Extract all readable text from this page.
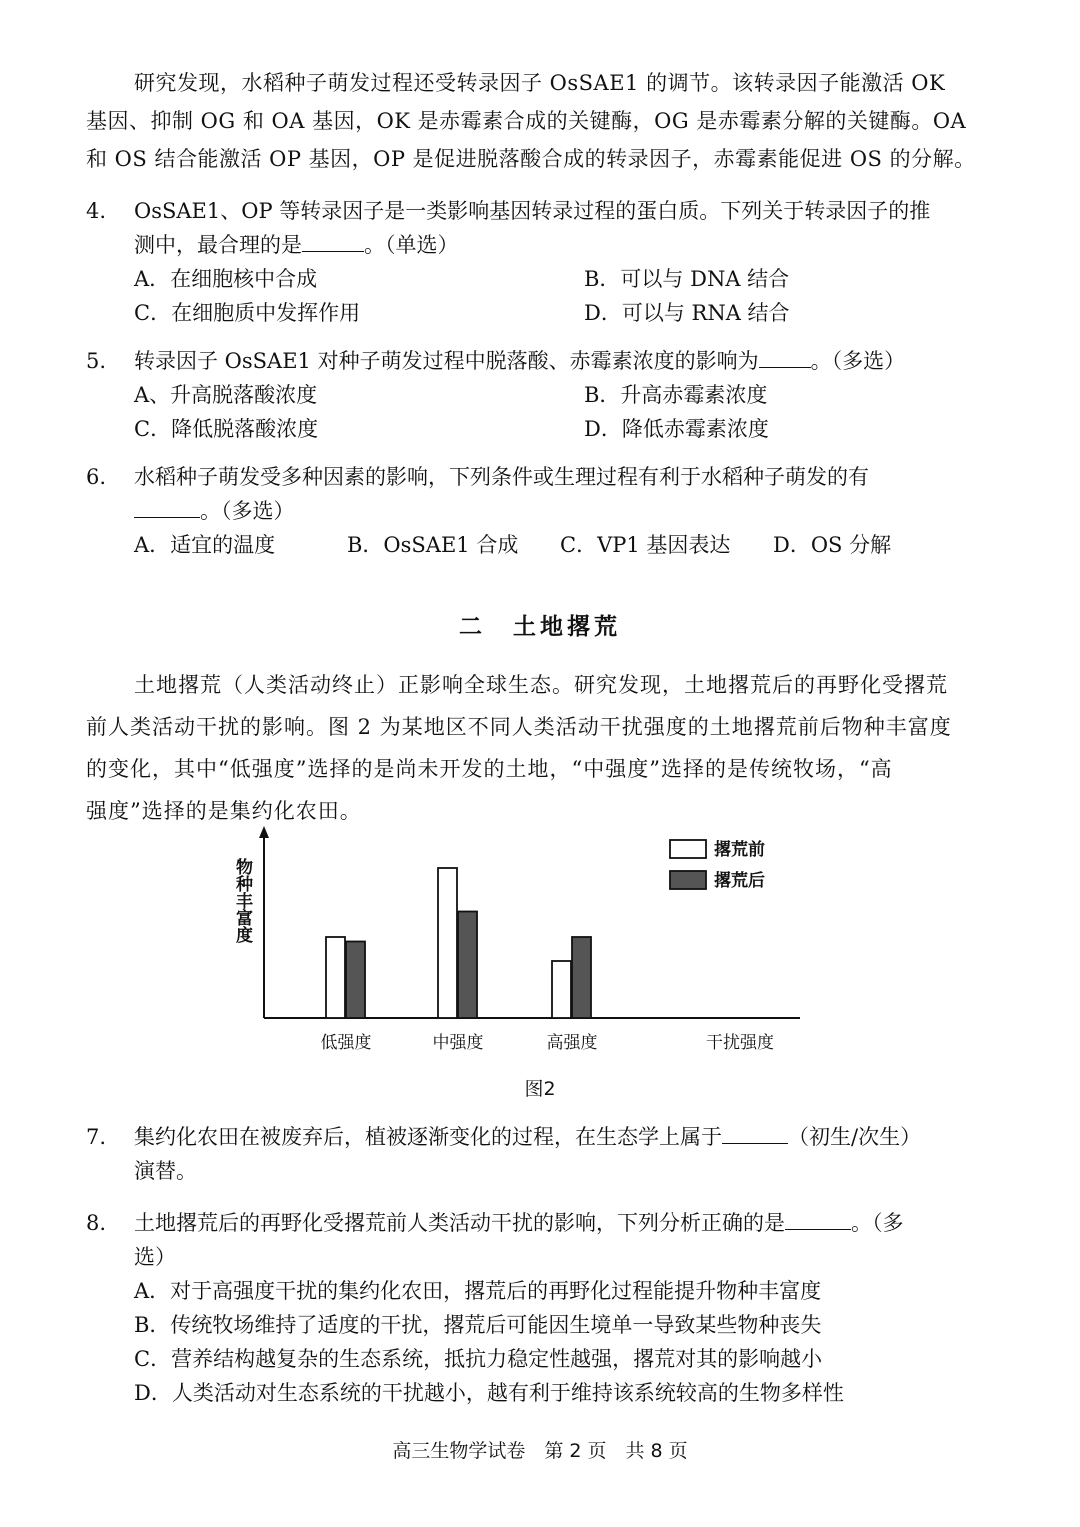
研究发现，水稻种子萌发过程还受转录因子 OsSAE1 的调节。该转录因子能激活 OK

基因、抑制 OG 和 OA 基因，OK 是赤霉素合成的关键酶，OG 是赤霉素分解的关键酶。OA

和 OS 结合能激活 OP 基因，OP 是促进脱落酸合成的转录因子，赤霉素能促进 OS 的分解。

4.	OsSAE1、OP 等转录因子是一类影响基因转录过程的蛋白质。下列关于转录因子的推
测中，最合理的是	。（单选）
A．在细胞核中合成	B．可以与 DNA 结合
C．在细胞质中发挥作用	D．可以与 RNA 结合
5.	转录因子 OsSAE1 对种子萌发过程中脱落酸、赤霉素浓度的影响为 。（多选）
A、升高脱落酸浓度	B．升高赤霉素浓度
C．降低脱落酸浓度	D．降低赤霉素浓度
6.	水稻种子萌发受多种因素的影响，下列条件或生理过程有利于水稻种子萌发的有
。（多选）
A．适宜的温度	B．OsSAE1 合成	C．VP1 基因表达	D．OS 分解
二　土地撂荒

土地撂荒（人类活动终止）正影响全球生态。研究发现，土地撂荒后的再野化受撂荒

前人类活动干扰的影响。图 2 为某地区不同人类活动干扰强度的土地撂荒前后物种丰富度

的变化，其中“低强度”选择的是尚未开发的土地，“中强度”选择的是传统牧场，“高

强度”选择的是集约化农田。

物种丰富度
低强度	中强度	高强度	干扰强度
撂荒前
撂荒后
图2
7.	集约化农田在被废弃后，植被逐渐变化的过程，在生态学上属于	（初生/次生）
演替。
8.	土地撂荒后的再野化受撂荒前人类活动干扰的影响，下列分析正确的是	。（多
选）
A．对于高强度干扰的集约化农田，撂荒后的再野化过程能提升物种丰富度
B．传统牧场维持了适度的干扰，撂荒后可能因生境单一导致某些物种丧失
C．营养结构越复杂的生态系统，抵抗力稳定性越强，撂荒对其的影响越小
D．人类活动对生态系统的干扰越小，越有利于维持该系统较高的生物多样性
高三生物学试卷　第 2 页　共 8 页
